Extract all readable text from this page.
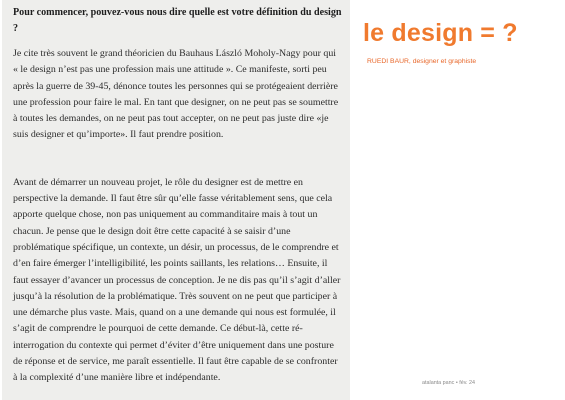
Pour commencer, pouvez-vous nous dire quelle est votre définition du design ?

Je cite très souvent le grand théoricien du Bauhaus László Moholy-Nagy pour qui « le design n’est pas une profession mais une attitude ». Ce manifeste, sorti peu après la guerre de 39-45, dénonce toutes les personnes qui se protégeaient derrière une profession pour faire le mal. En tant que designer, on ne peut pas se soumettre à toutes les demandes, on ne peut pas tout accepter, on ne peut pas juste dire «je suis designer et qu’importe». Il faut prendre position.

Avant de démarrer un nouveau projet, le rôle du designer est de mettre en perspective la demande. Il faut être sûr qu’elle fasse véritablement sens, que cela apporte quelque chose, non pas uniquement au commanditaire mais à tout un chacun. Je pense que le design doit être cette capacité à se saisir d’une problématique spécifique, un contexte, un désir, un processus, de le comprendre et d’en faire émerger l’intelligibilité, les points saillants, les relations… Ensuite, il faut essayer d’avancer un processus de conception. Je ne dis pas qu’il s’agit d’aller jusqu’à la résolution de la problématique. Très souvent on ne peut que participer à une démarche plus vaste. Mais, quand on a une demande qui nous est formulée, il s’agit de comprendre le pourquoi de cette demande. Ce début-là, cette ré-interrogation du contexte qui permet d’éviter d’être uniquement dans une posture de réponse et de service, me paraît essentielle. Il faut être capable de se confronter à la complexité d’une manière libre et indépendante.

le design = ?
RUEDI BAUR, designer et graphiste
atalanta panc • fév. 24
